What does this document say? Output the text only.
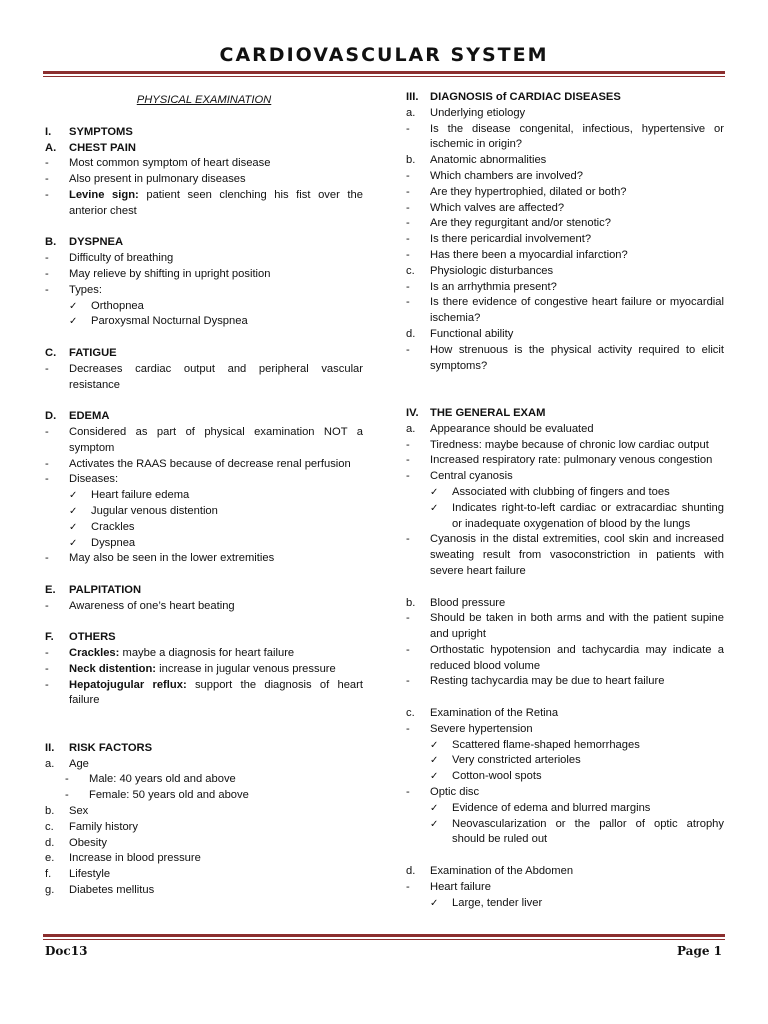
CARDIOVASCULAR SYSTEM
PHYSICAL EXAMINATION
I.	SYMPTOMS
A.	CHEST PAIN
-	Most common symptom of heart disease
-	Also present in pulmonary diseases
-	Levine sign: patient seen clenching his fist over the anterior chest
B.	DYSPNEA
-	Difficulty of breathing
-	May relieve by shifting in upright position
-	Types:
✓	Orthopnea
✓	Paroxysmal Nocturnal Dyspnea
C.	FATIGUE
-	Decreases cardiac output and peripheral vascular resistance
D.	EDEMA
-	Considered as part of physical examination NOT a symptom
-	Activates the RAAS because of decrease renal perfusion
-	Diseases:
✓	Heart failure edema
✓	Jugular venous distention
✓	Crackles
✓	Dyspnea
-	May also be seen in the lower extremities
E.	PALPITATION
-	Awareness of one’s heart beating
F.	OTHERS
-	Crackles: maybe a diagnosis for heart failure
-	Neck distention: increase in jugular venous pressure
-	Hepatojugular reflux: support the diagnosis of heart failure
II.	RISK FACTORS
a.	Age
-	Male: 40 years old and above
-	Female: 50 years old and above
b.	Sex
c.	Family history
d.	Obesity
e.	Increase in blood pressure
f.	Lifestyle
g.	Diabetes mellitus
III.	DIAGNOSIS of CARDIAC DISEASES
a.	Underlying etiology
-	Is the disease congenital, infectious, hypertensive or ischemic in origin?
b.	Anatomic abnormalities
-	Which chambers are involved?
-	Are they hypertrophied, dilated or both?
-	Which valves are affected?
-	Are they regurgitant and/or stenotic?
-	Is there pericardial involvement?
-	Has there been a myocardial infarction?
c.	Physiologic disturbances
-	Is an arrhythmia present?
-	Is there evidence of congestive heart failure or myocardial ischemia?
d.	Functional ability
-	How strenuous is the physical activity required to elicit symptoms?
IV.	THE GENERAL EXAM
a.	Appearance should be evaluated
-	Tiredness: maybe because of chronic low cardiac output
-	Increased respiratory rate: pulmonary venous congestion
-	Central cyanosis
✓	Associated with clubbing of fingers and toes
✓	Indicates right-to-left cardiac or extracardiac shunting or inadequate oxygenation of blood by the lungs
-	Cyanosis in the distal extremities, cool skin and increased sweating result from vasoconstriction in patients with severe heart failure
b.	Blood pressure
-	Should be taken in both arms and with the patient supine and upright
-	Orthostatic hypotension and tachycardia may indicate a reduced blood volume
-	Resting tachycardia may be due to heart failure
c.	Examination of the Retina
-	Severe hypertension
✓	Scattered flame-shaped hemorrhages
✓	Very constricted arterioles
✓	Cotton-wool spots
-	Optic disc
✓	Evidence of edema and blurred margins
✓	Neovascularization or the pallor of optic atrophy should be ruled out
d.	Examination of the Abdomen
-	Heart failure
✓	Large, tender liver
Doc13	Page 1
